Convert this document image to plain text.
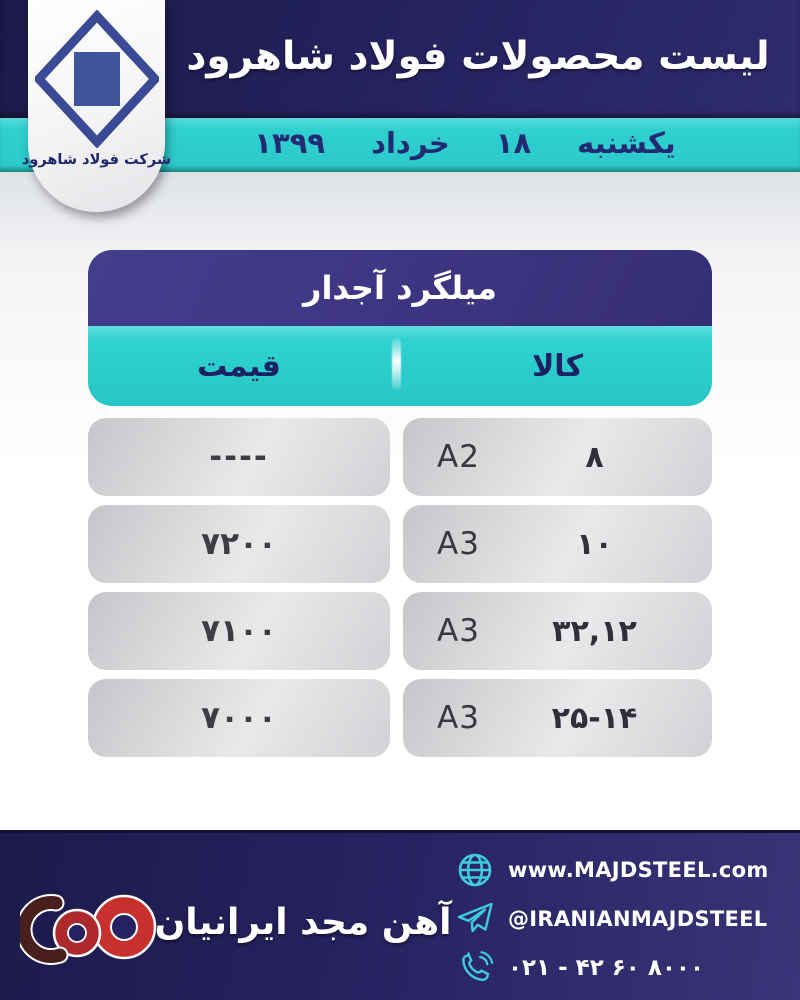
لیست محصولات فولاد شاهرود
یکشنبه
۱۸
خرداد
۱۳۹۹
شرکت فولاد شاهرود
میلگرد آجدار
قیمت	کالا
----	A2	۸
۷۲۰۰	A3	۱۰
۷۱۰۰	A3	۳۲,۱۲
۷۰۰۰	A3	۲۵-۱۴
آهن مجد ایرانیان
www.MAJDSTEEL.com
@IRANIANMAJDSTEEL
۰۲۱ - ۴۲ ۶۰ ۸۰۰۰
